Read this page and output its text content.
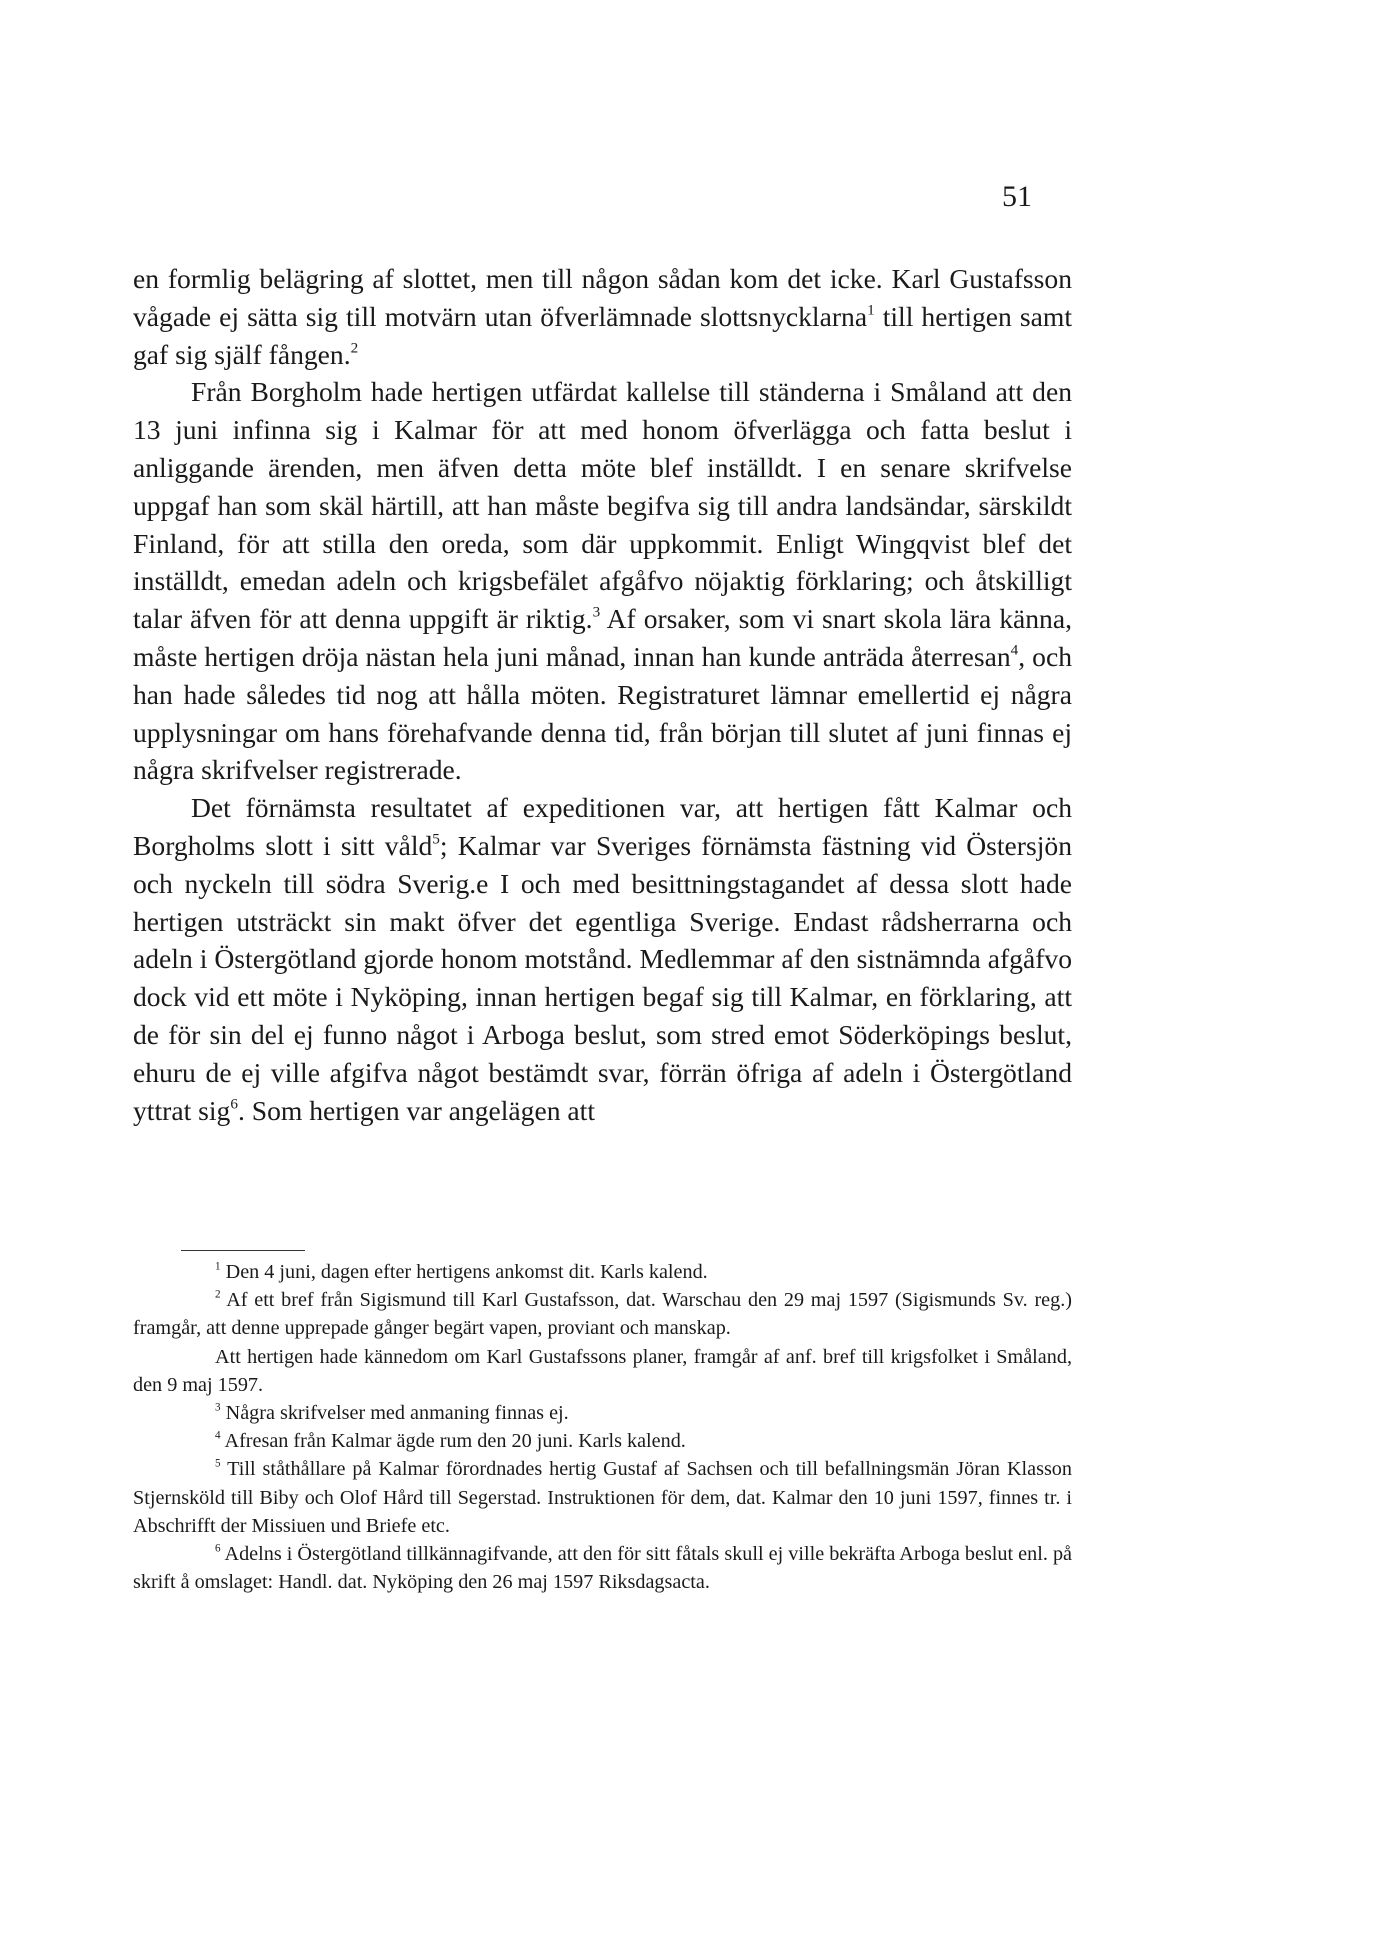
51

en formlig belägring af slottet, men till någon sådan kom det icke. Karl Gustafsson vågade ej sätta sig till motvärn utan öfverlämnade slottsnycklarna$^1$ till hertigen samt gaf sig själf fången.$^2$

Från Borgholm hade hertigen utfärdat kallelse till ständerna i Småland att den 13 juni infinna sig i Kalmar för att med honom öfverlägga och fatta beslut i anliggande ärenden, men äfven detta möte blef inställdt. I en senare skrifvelse uppgaf han som skäl härtill, att han måste begifva sig till andra landsändar, särskildt Finland, för att stilla den oreda, som där uppkommit. Enligt Wingqvist blef det inställdt, emedan adeln och krigsbefälet afgåfvo nöjaktig förklaring; och åtskilligt talar äfven för att denna uppgift är riktig.$^3$ Af orsaker, som vi snart skola lära känna, måste hertigen dröja nästan hela juni månad, innan han kunde anträda återresan$^4$, och han hade således tid nog att hålla möten. Registraturet lämnar emellertid ej några upplysningar om hans förehafvande denna tid, från början till slutet af juni finnas ej några skrifvelser registrerade.

Det förnämsta resultatet af expeditionen var, att hertigen fått Kalmar och Borgholms slott i sitt våld$^5$; Kalmar var Sveriges förnämsta fästning vid Östersjön och nyckeln till södra Sverig.e I och med besittningstagandet af dessa slott hade hertigen utsträckt sin makt öfver det egentliga Sverige. Endast rådsherrarna och adeln i Östergötland gjorde honom motstånd. Medlemmar af den sistnämnda afgåfvo dock vid ett möte i Nyköping, innan hertigen begaf sig till Kalmar, en förklaring, att de för sin del ej funno något i Arboga beslut, som stred emot Söderköpings beslut, ehuru de ej ville afgifva något bestämdt svar, förrän öfriga af adeln i Östergötland yttrat sig$^6$. Som hertigen var angelägen att

$^1$ Den 4 juni, dagen efter hertigens ankomst dit. Karls kalend.

$^2$ Af ett bref från Sigismund till Karl Gustafsson, dat. Warschau den 29 maj 1597 (Sigismunds Sv. reg.) framgår, att denne upprepade gånger begärt vapen, proviant och manskap.

Att hertigen hade kännedom om Karl Gustafssons planer, framgår af anf. bref till krigsfolket i Småland, den 9 maj 1597.

$^3$ Några skrifvelser med anmaning finnas ej.

$^4$ Afresan från Kalmar ägde rum den 20 juni. Karls kalend.

$^5$ Till ståthållare på Kalmar förordnades hertig Gustaf af Sachsen och till befallningsmän Jöran Klasson Stjernsköld till Biby och Olof Hård till Segerstad. Instruktionen för dem, dat. Kalmar den 10 juni 1597, finnes tr. i Abschrifft der Missiuen und Briefe etc.

$^6$ Adelns i Östergötland tillkännagifvande, att den för sitt fåtals skull ej ville bekräfta Arboga beslut enl. på skrift å omslaget: Handl. dat. Nyköping den 26 maj 1597 Riksdagsacta.
